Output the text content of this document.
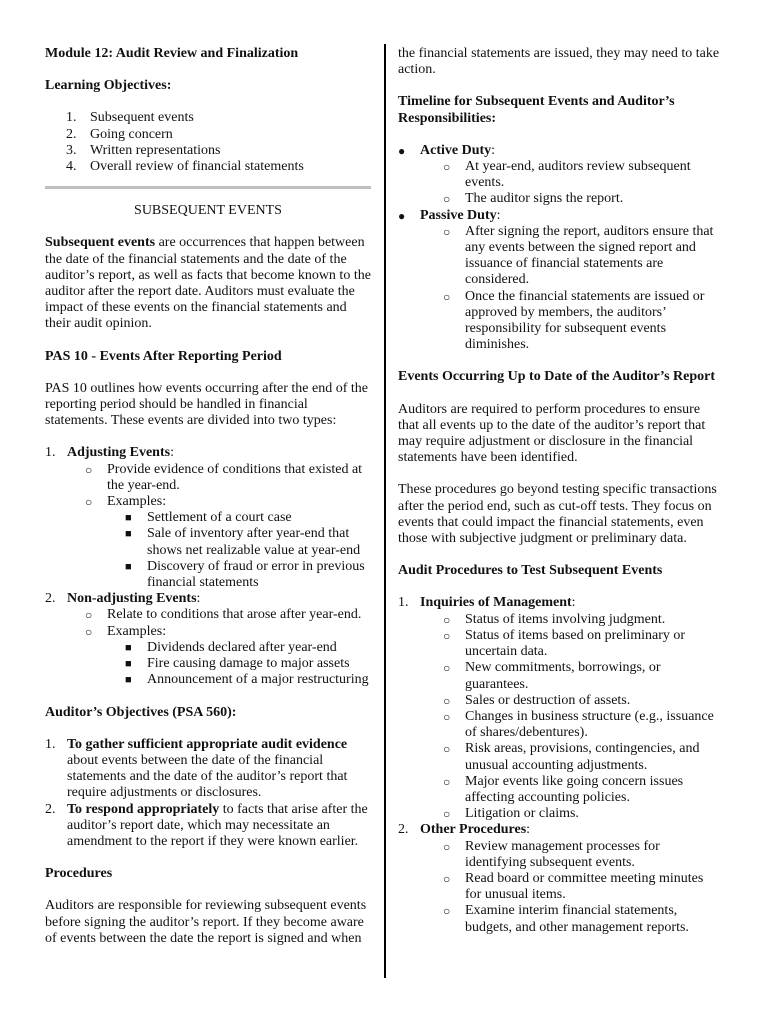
Module 12: Audit Review and Finalization

Learning Objectives:

1. Subsequent events
2. Going concern
3. Written representations
4. Overall review of financial statements

SUBSEQUENT EVENTS

Subsequent events are occurrences that happen between the date of the financial statements and the date of the auditor’s report, as well as facts that become known to the auditor after the report date. Auditors must evaluate the impact of these events on the financial statements and their audit opinion.

PAS 10 - Events After Reporting Period

PAS 10 outlines how events occurring after the end of the reporting period should be handled in financial statements. These events are divided into two types:

1. Adjusting Events:
○ Provide evidence of conditions that existed at the year-end.
○ Examples:
■ Settlement of a court case
■ Sale of inventory after year-end that shows net realizable value at year-end
■ Discovery of fraud or error in previous financial statements
2. Non-adjusting Events:
○ Relate to conditions that arose after year-end.
○ Examples:
■ Dividends declared after year-end
■ Fire causing damage to major assets
■ Announcement of a major restructuring

Auditor’s Objectives (PSA 560):

1. To gather sufficient appropriate audit evidence about events between the date of the financial statements and the date of the auditor’s report that require adjustments or disclosures.
2. To respond appropriately to facts that arise after the auditor’s report date, which may necessitate an amendment to the report if they were known earlier.

Procedures

Auditors are responsible for reviewing subsequent events before signing the auditor’s report. If they become aware of events between the date the report is signed and when

the financial statements are issued, they may need to take action.

Timeline for Subsequent Events and Auditor’s Responsibilities:

● Active Duty:
○ At year-end, auditors review subsequent events.
○ The auditor signs the report.
● Passive Duty:
○ After signing the report, auditors ensure that any events between the signed report and issuance of financial statements are considered.
○ Once the financial statements are issued or approved by members, the auditors’ responsibility for subsequent events diminishes.

Events Occurring Up to Date of the Auditor’s Report

Auditors are required to perform procedures to ensure that all events up to the date of the auditor’s report that may require adjustment or disclosure in the financial statements have been identified.

These procedures go beyond testing specific transactions after the period end, such as cut-off tests. They focus on events that could impact the financial statements, even those with subjective judgment or preliminary data.

Audit Procedures to Test Subsequent Events

1. Inquiries of Management:
○ Status of items involving judgment.
○ Status of items based on preliminary or uncertain data.
○ New commitments, borrowings, or guarantees.
○ Sales or destruction of assets.
○ Changes in business structure (e.g., issuance of shares/debentures).
○ Risk areas, provisions, contingencies, and unusual accounting adjustments.
○ Major events like going concern issues affecting accounting policies.
○ Litigation or claims.
2. Other Procedures:
○ Review management processes for identifying subsequent events.
○ Read board or committee meeting minutes for unusual items.
○ Examine interim financial statements, budgets, and other management reports.
